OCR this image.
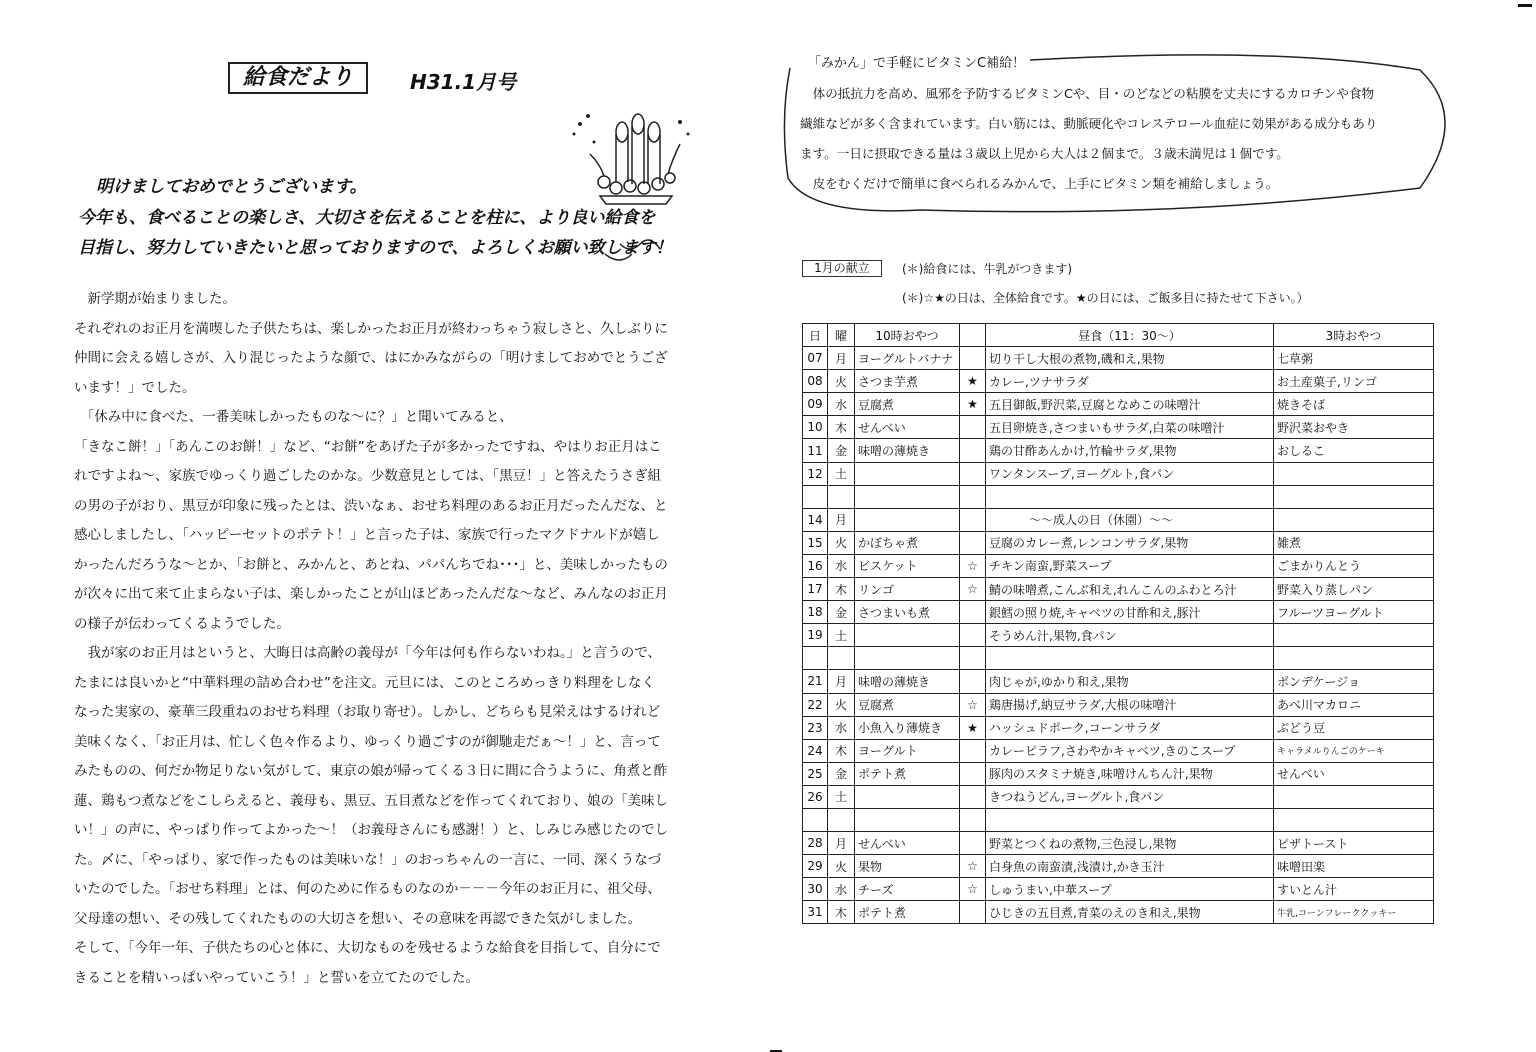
給食だより	H31.1月号
明けましておめでとうございます。
今年も、食べることの楽しさ、大切さを伝えることを柱に、より良い給食を
目指し、努力していきたいと思っておりますので、よろしくお願い致します！
　新学期が始まりました。
それぞれのお正月を満喫した子供たちは、楽しかったお正月が終わっちゃう寂しさと、久しぶりに
仲間に会える嬉しさが、入り混じったような顔で、はにかみながらの「明けましておめでとうござ
います！」でした。
　「休み中に食べた、一番美味しかったものな～に？」と聞いてみると、
「きなこ餅！」「あんこのお餅！」など、“お餅”をあげた子が多かったですね、やはりお正月はこ
れですよね～、家族でゆっくり過ごしたのかな。少数意見としては、「黒豆！」と答えたうさぎ組
の男の子がおり、黒豆が印象に残ったとは、渋いなぁ、おせち料理のあるお正月だったんだな、と
感心しましたし、「ハッピーセットのポテト！」と言った子は、家族で行ったマクドナルドが嬉し
かったんだろうな～とか、「お餅と、みかんと、あとね、パパんちでね･･･」と、美味しかったもの
が次々に出て来て止まらない子は、楽しかったことが山ほどあったんだな～など、みんなのお正月
の様子が伝わってくるようでした。
　我が家のお正月はというと、大晦日は高齢の義母が「今年は何も作らないわね。」と言うので、
たまには良いかと“中華料理の詰め合わせ”を注文。元旦には、このところめっきり料理をしなく
なった実家の、豪華三段重ねのおせち料理（お取り寄せ）。しかし、どちらも見栄えはするけれど
美味くなく、「お正月は、忙しく色々作るより、ゆっくり過ごすのが御馳走だぁ～！」と、言って
みたものの、何だか物足りない気がして、東京の娘が帰ってくる３日に間に合うように、角煮と酢
蓮、鶏もつ煮などをこしらえると、義母も、黒豆、五目煮などを作ってくれており、娘の「美味し
い！」の声に、やっぱり作ってよかった～！（お義母さんにも感謝！）と、しみじみ感じたのでし
た。〆に、「やっぱり、家で作ったものは美味いな！」のおっちゃんの一言に、一同、深くうなづ
いたのでした。「おせち料理」とは、何のために作るものなのか－－－今年のお正月に、祖父母、
父母達の想い、その残してくれたものの大切さを想い、その意味を再認できた気がしました。
そして、「今年一年、子供たちの心と体に、大切なものを残せるような給食を目指して、自分にで
きることを精いっぱいやっていこう！」と誓いを立てたのでした。
「みかん」で手軽にビタミンC補給！
　体の抵抗力を高め、風邪を予防するビタミンCや、目・のどなどの粘膜を丈夫にするカロチンや食物
繊維などが多く含まれています。白い筋には、動脈硬化やコレステロール血症に効果がある成分もあり
ます。一日に摂取できる量は３歳以上児から大人は２個まで。３歳未満児は１個です。
　皮をむくだけで簡単に食べられるみかんで、上手にビタミン類を補給しましょう。
1月の献立	(＊)給食には、牛乳がつきます)
(＊)☆★の日は、全体給食です。★の日には、ご飯多目に持たせて下さい。）
日	曜	10時おやつ		昼食（11：30～）	3時おやつ
07	月	ヨーグルトバナナ		切り干し大根の煮物,磯和え,果物	七草粥
08	火	さつま芋煮	★	カレー,ツナサラダ	お土産菓子,リンゴ
09	水	豆腐煮	★	五目御飯,野沢菜,豆腐となめこの味噌汁	焼きそば
10	木	せんべい		五目卵焼き,さつまいもサラダ,白菜の味噌汁	野沢菜おやき
11	金	味噌の薄焼き		鶏の甘酢あんかけ,竹輪サラダ,果物	おしるこ
12	土			ワンタンスープ,ヨーグルト,食パン	

14	月			～～成人の日（休園）～～	
15	火	かぼちゃ煮		豆腐のカレー煮,レンコンサラダ,果物	雑煮
16	水	ビスケット	☆	チキン南蛮,野菜スープ	ごまかりんとう
17	木	リンゴ	☆	鯖の味噌煮,こんぶ和え,れんこんのふわとろ汁	野菜入り蒸しパン
18	金	さつまいも煮		銀鱈の照り焼,キャベツの甘酢和え,豚汁	フルーツヨーグルト
19	土			そうめん汁,果物,食パン	

21	月	味噌の薄焼き		肉じゃが,ゆかり和え,果物	ポンデケージョ
22	火	豆腐煮	☆	鶏唐揚げ,納豆サラダ,大根の味噌汁	あべ川マカロニ
23	水	小魚入り薄焼き	★	ハッシュドポーク,コーンサラダ	ぶどう豆
24	木	ヨーグルト		カレーピラフ,さわやかキャベツ,きのこスープ	キャラメルりんごのケーキ
25	金	ポテト煮		豚肉のスタミナ焼き,味噌けんちん汁,果物	せんべい
26	土			きつねうどん,ヨーグルト,食パン	

28	月	せんべい		野菜とつくねの煮物,三色浸し,果物	ピザトースト
29	火	果物	☆	白身魚の南蛮漬,浅漬け,かき玉汁	味噌田楽
30	水	チーズ	☆	しゅうまい,中華スープ	すいとん汁
31	木	ポテト煮		ひじきの五目煮,青菜のえのき和え,果物	牛乳,コーンフレーククッキー
